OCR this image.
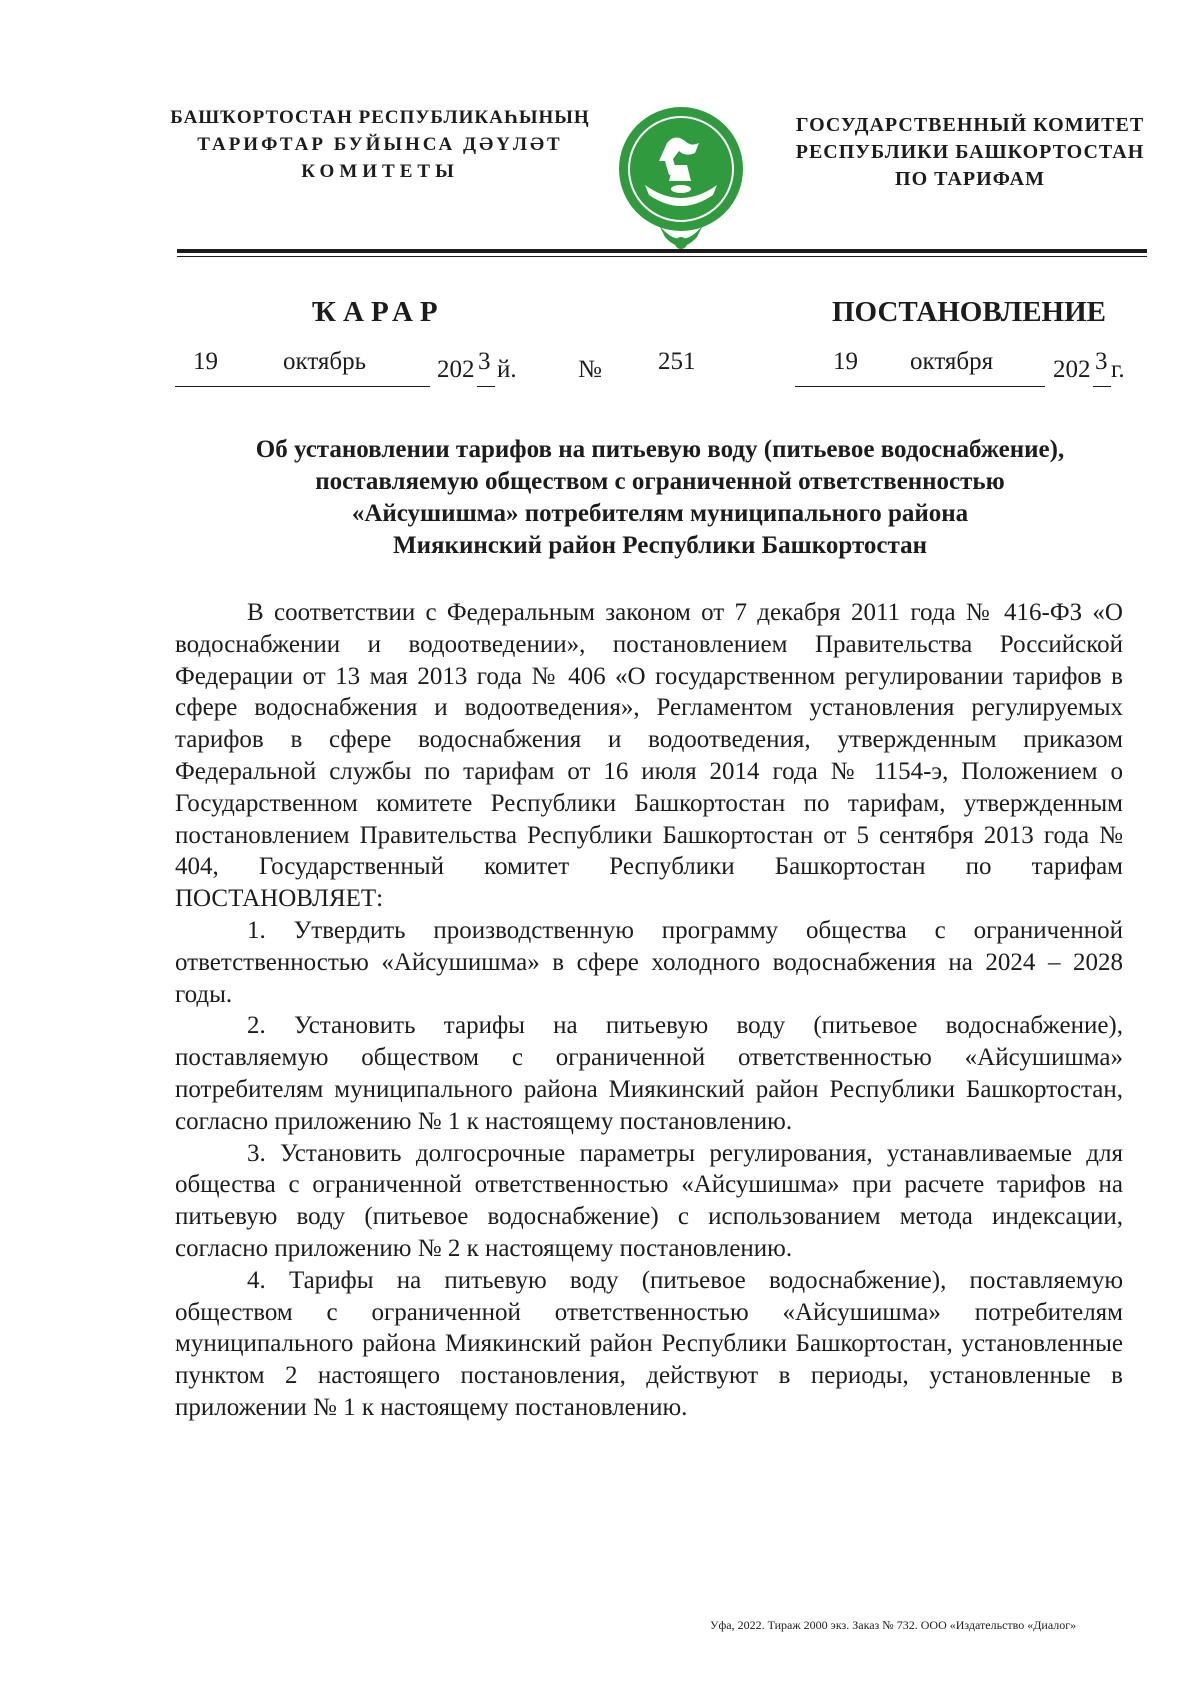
БАШҠОРТОСТАН РЕСПУБЛИКАҺЫНЫҢ
ТАРИФТАР БУЙЫНСА ДӘҮЛӘТ
КОМИТЕТЫ
ГОСУДАРСТВЕННЫЙ КОМИТЕТ
РЕСПУБЛИКИ БАШКОРТОСТАН
ПО ТАРИФАМ
ҠАРАР	ПОСТАНОВЛЕНИЕ
19	октябрь	202 3 й. № 251	19 октября 202 3 г.
Об установлении тарифов на питьевую воду (питьевое водоснабжение),
поставляемую обществом с ограниченной ответственностью
«Айсушишма» потребителям муниципального района
Миякинский район Республики Башкортостан

В соответствии с Федеральным законом от 7 декабря 2011 года № 416-ФЗ «О водоснабжении и водоотведении», постановлением Правительства Российской Федерации от 13 мая 2013 года № 406 «О государственном регулировании тарифов в сфере водоснабжения и водоотведения», Регламентом установления регулируемых тарифов в сфере водоснабжения и водоотведения, утвержденным приказом Федеральной службы по тарифам от 16 июля 2014 года № 1154-э, Положением о Государственном комитете Республики Башкортостан по тарифам, утвержденным постановлением Правительства Республики Башкортостан от 5 сентября 2013 года № 404, Государственный комитет Республики Башкортостан по тарифам ПОСТАНОВЛЯЕТ:

1. Утвердить производственную программу общества с ограниченной ответственностью «Айсушишма» в сфере холодного водоснабжения на 2024 – 2028 годы.

2. Установить тарифы на питьевую воду (питьевое водоснабжение), поставляемую обществом с ограниченной ответственностью «Айсушишма» потребителям муниципального района Миякинский район Республики Башкортостан, согласно приложению № 1 к настоящему постановлению.

3. Установить долгосрочные параметры регулирования, устанавливаемые для общества с ограниченной ответственностью «Айсушишма» при расчете тарифов на питьевую воду (питьевое водоснабжение) с использованием метода индексации, согласно приложению № 2 к настоящему постановлению.

4. Тарифы на питьевую воду (питьевое водоснабжение), поставляемую обществом с ограниченной ответственностью «Айсушишма» потребителям муниципального района Миякинский район Республики Башкортостан, установленные пунктом 2 настоящего постановления, действуют в периоды, установленные в приложении № 1 к настоящему постановлению.

Уфа, 2022. Тираж 2000 экз. Заказ № 732. ООО «Издательство «Диалог»
